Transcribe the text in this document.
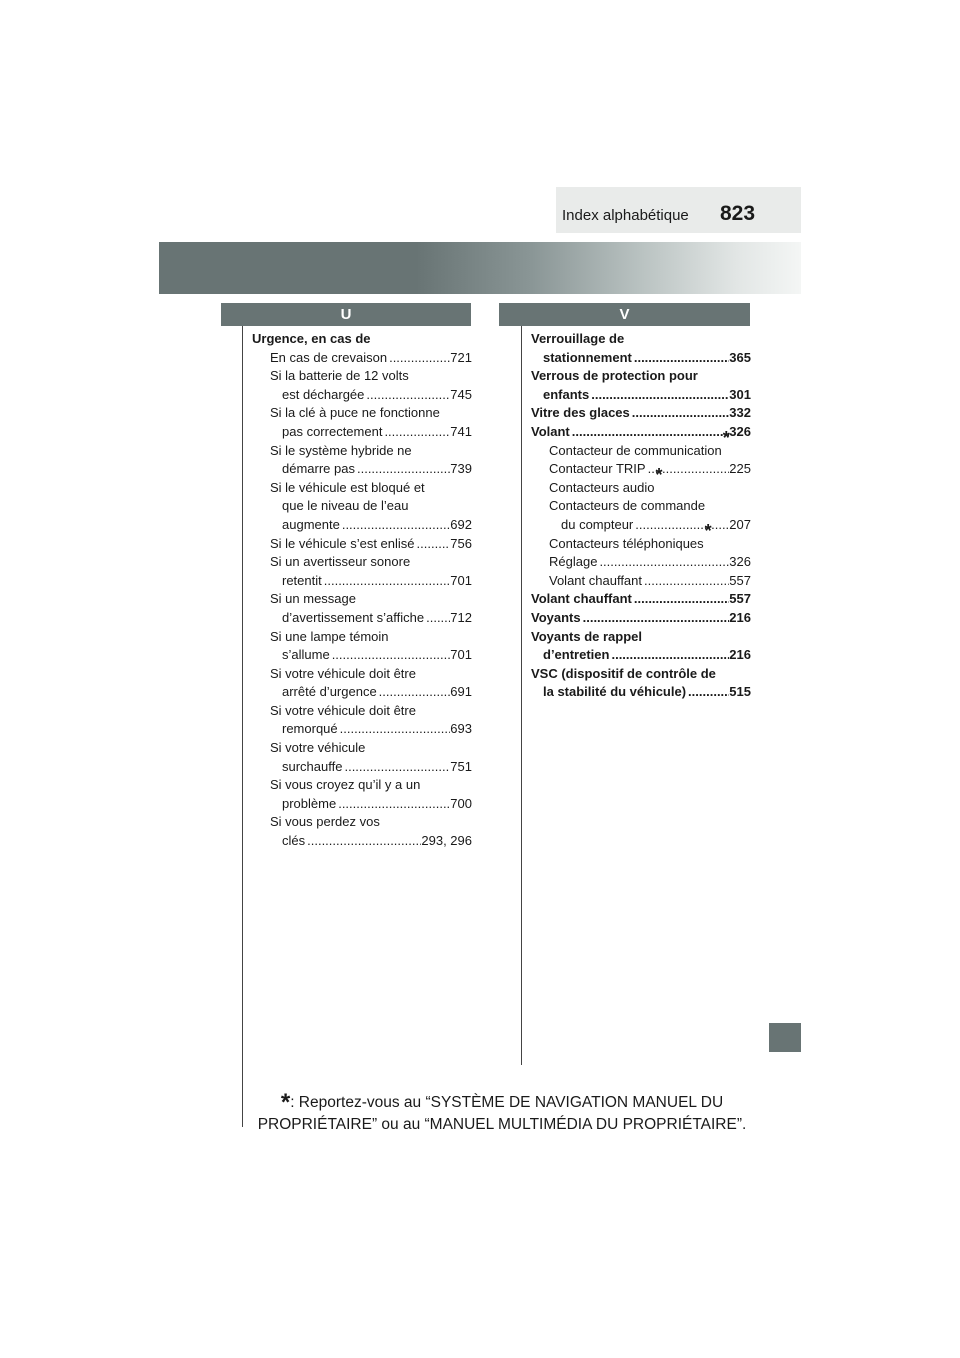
Index alphabétique 823
U	V
Urgence, en cas de
En cas de crevaison .....	721
Si la batterie de 12 volts
est déchargée .....	745
Si la clé à puce ne fonctionne
pas correctement .....	741
Si le système hybride ne
démarre pas .....	739
Si le véhicule est bloqué et
que le niveau de l’eau
augmente .....	692
Si le véhicule s’est enlisé .....	756
Si un avertisseur sonore
retentit .....	701
Si un message
d’avertissement s’affiche ..... 712
Si une lampe témoin
s’allume .....	701
Si votre véhicule doit être
arrêté d’urgence .....	691
Si votre véhicule doit être
remorqué .....	693
Si votre véhicule
surchauffe .....	751
Si vous croyez qu’il y a un
problème .....	700
Si vous perdez vos
clés .....	293, 296
Verrouillage de
stationnement .....	365
Verrous de protection pour
enfants .....	301
Vitre des glaces .....	332
Volant .....	326
Contacteur de communication
*
Contacteur TRIP .....	225
Contacteurs audio
*
Contacteurs de commande
du compteur .....	207
Contacteurs téléphoniques
*
Réglage .....	326
Volant chauffant .....	557
Volant chauffant .....	557
Voyants .....	216
Voyants de rappel
d’entretien .....	216
VSC (dispositif de contrôle de
la stabilité du véhicule) .....	515
*: Reportez-vous au “SYSTÈME DE NAVIGATION MANUEL DU
PROPRIÉTAIRE” ou au “MANUEL MULTIMÉDIA DU PROPRIÉTAIRE”.
